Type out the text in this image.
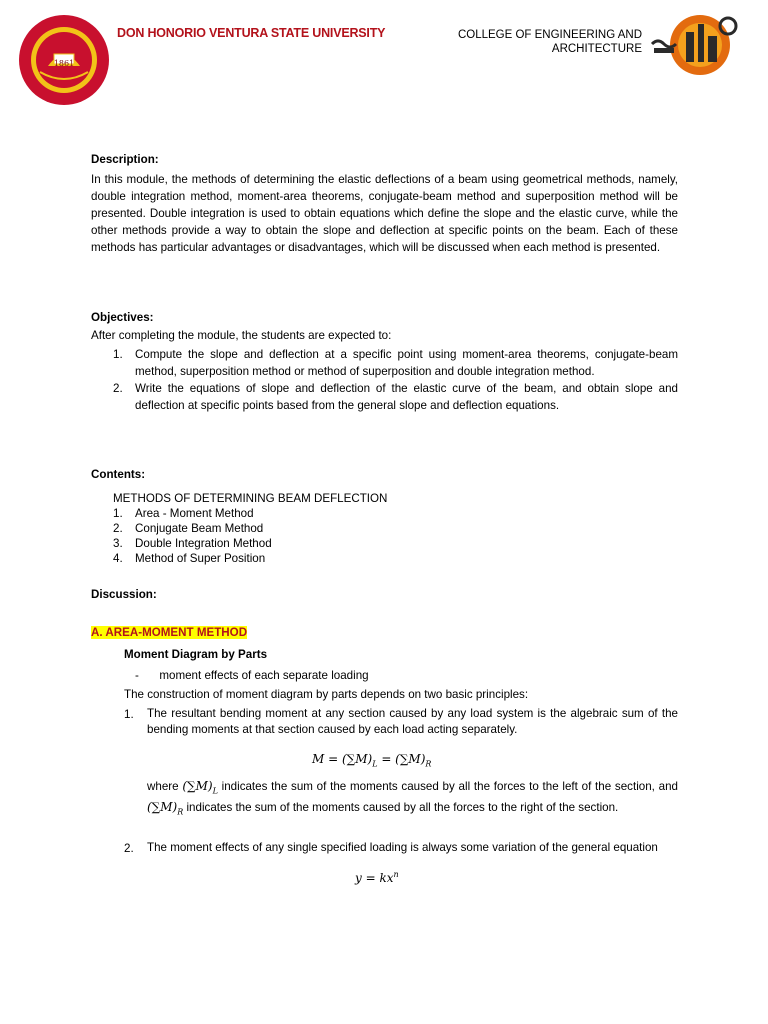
1861
DON HONORIO VENTURA STATE UNIVERSITY	COLLEGE OF ENGINEERING AND
ARCHITECTURE
Description:
In this module, the methods of determining the elastic deflections of a beam using geometrical methods, namely, double integration method, moment-area theorems, conjugate-beam method and superposition method will be presented. Double integration is used to obtain equations which define the slope and the elastic curve, while the other methods provide a way to obtain the slope and deflection at specific points on the beam. Each of these methods has particular advantages or disadvantages, which will be discussed when each method is presented.
Objectives:
After completing the module, the students are expected to:
1. Compute the slope and deflection at a specific point using moment-area theorems, conjugate-beam method, superposition method or method of superposition and double integration method.
2. Write the equations of slope and deflection of the elastic curve of the beam, and obtain slope and deflection at specific points based from the general slope and deflection equations.
Contents:
METHODS OF DETERMINING BEAM DEFLECTION
1. Area - Moment Method
2. Conjugate Beam Method
3. Double Integration Method
4. Method of Super Position
Discussion:
A. AREA-MOMENT METHOD
Moment Diagram by Parts
- moment effects of each separate loading
The construction of moment diagram by parts depends on two basic principles:
1.	The resultant bending moment at any section caused by any load system is the algebraic sum of the bending moments at that section caused by each load acting separately.
$M = (\sum M)_L = (\sum M)_R$
where $(\sum M)_L$ indicates the sum of the moments caused by all the forces to the left of the section, and $(\sum M)_R$ indicates the sum of the moments caused by all the forces to the right of the section.
2.	The moment effects of any single specified loading is always some variation of the general equation
$y = kx^n$
